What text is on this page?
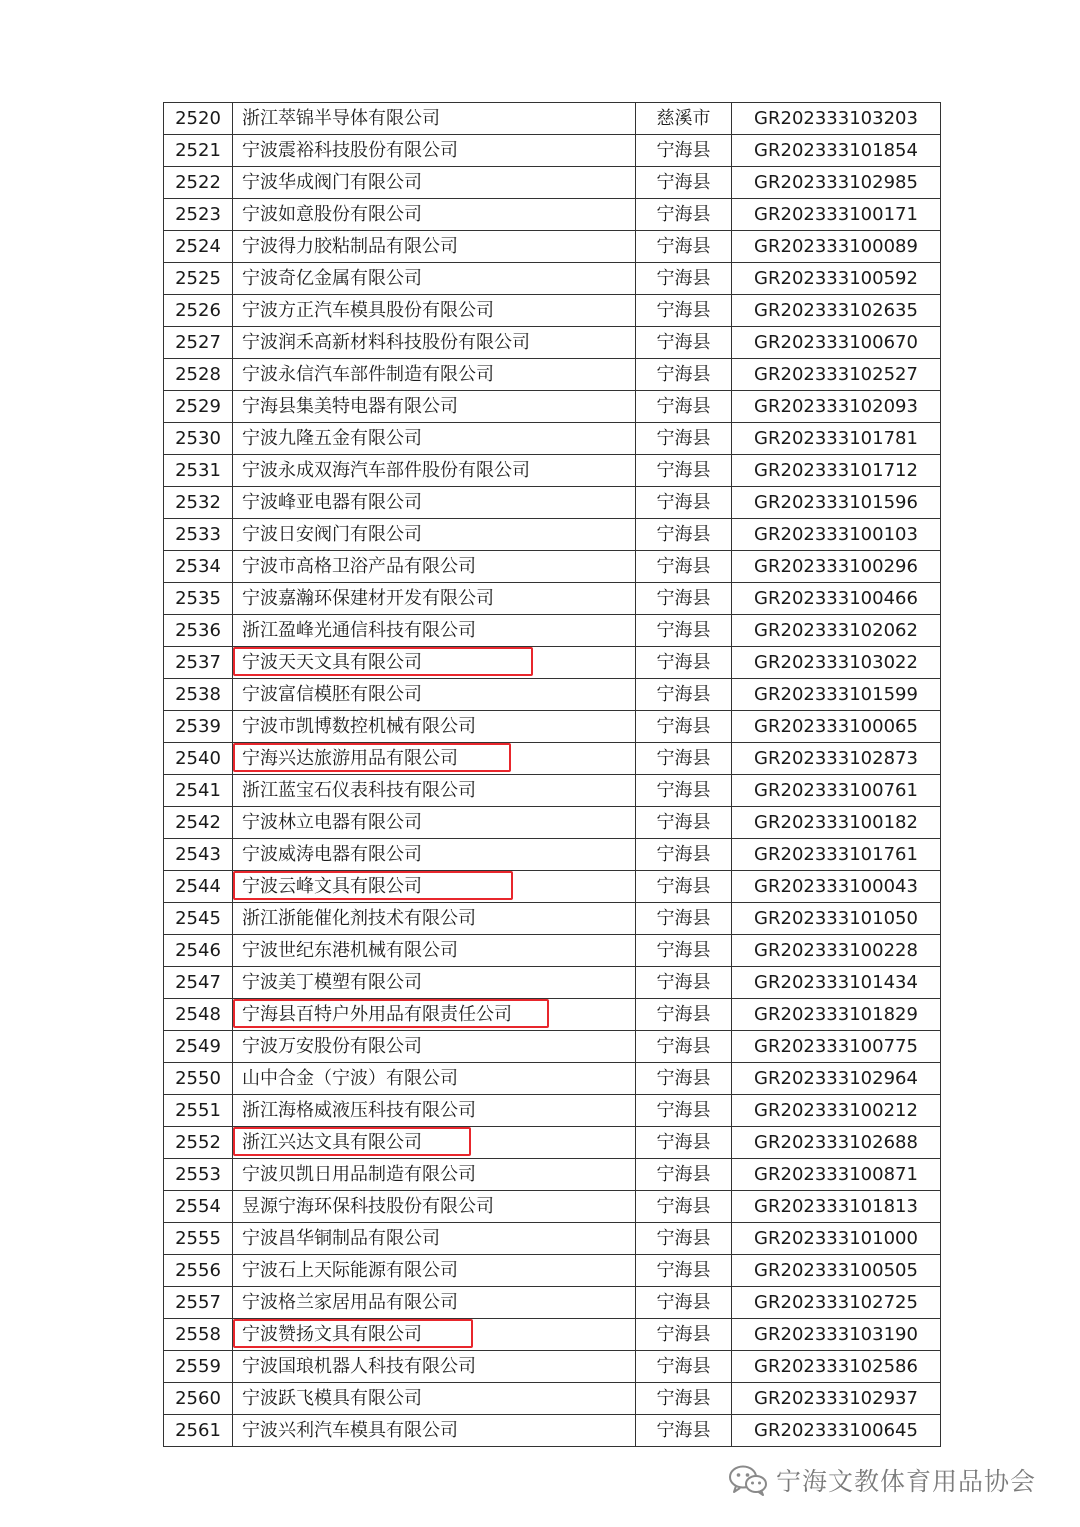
2520	浙江萃锦半导体有限公司	慈溪市	GR202333103203
2521	宁波震裕科技股份有限公司	宁海县	GR202333101854
2522	宁波华成阀门有限公司	宁海县	GR202333102985
2523	宁波如意股份有限公司	宁海县	GR202333100171
2524	宁波得力胶粘制品有限公司	宁海县	GR202333100089
2525	宁波奇亿金属有限公司	宁海县	GR202333100592
2526	宁波方正汽车模具股份有限公司	宁海县	GR202333102635
2527	宁波润禾高新材料科技股份有限公司	宁海县	GR202333100670
2528	宁波永信汽车部件制造有限公司	宁海县	GR202333102527
2529	宁海县集美特电器有限公司	宁海县	GR202333102093
2530	宁波九隆五金有限公司	宁海县	GR202333101781
2531	宁波永成双海汽车部件股份有限公司	宁海县	GR202333101712
2532	宁波峰亚电器有限公司	宁海县	GR202333101596
2533	宁波日安阀门有限公司	宁海县	GR202333100103
2534	宁波市高格卫浴产品有限公司	宁海县	GR202333100296
2535	宁波嘉瀚环保建材开发有限公司	宁海县	GR202333100466
2536	浙江盈峰光通信科技有限公司	宁海县	GR202333102062
2537	宁波天天文具有限公司	宁海县	GR202333103022
2538	宁波富信模胚有限公司	宁海县	GR202333101599
2539	宁波市凯博数控机械有限公司	宁海县	GR202333100065
2540	宁海兴达旅游用品有限公司	宁海县	GR202333102873
2541	浙江蓝宝石仪表科技有限公司	宁海县	GR202333100761
2542	宁波林立电器有限公司	宁海县	GR202333100182
2543	宁波威涛电器有限公司	宁海县	GR202333101761
2544	宁波云峰文具有限公司	宁海县	GR202333100043
2545	浙江浙能催化剂技术有限公司	宁海县	GR202333101050
2546	宁波世纪东港机械有限公司	宁海县	GR202333100228
2547	宁波美丁模塑有限公司	宁海县	GR202333101434
2548	宁海县百特户外用品有限责任公司	宁海县	GR202333101829
2549	宁波万安股份有限公司	宁海县	GR202333100775
2550	山中合金（宁波）有限公司	宁海县	GR202333102964
2551	浙江海格威液压科技有限公司	宁海县	GR202333100212
2552	浙江兴达文具有限公司	宁海县	GR202333102688
2553	宁波贝凯日用品制造有限公司	宁海县	GR202333100871
2554	昱源宁海环保科技股份有限公司	宁海县	GR202333101813
2555	宁波昌华铜制品有限公司	宁海县	GR202333101000
2556	宁波石上天际能源有限公司	宁海县	GR202333100505
2557	宁波格兰家居用品有限公司	宁海县	GR202333102725
2558	宁波赞扬文具有限公司	宁海县	GR202333103190
2559	宁波国琅机器人科技有限公司	宁海县	GR202333102586
2560	宁波跃飞模具有限公司	宁海县	GR202333102937
2561	宁波兴利汽车模具有限公司	宁海县	GR202333100645
宁海文教体育用品协会
